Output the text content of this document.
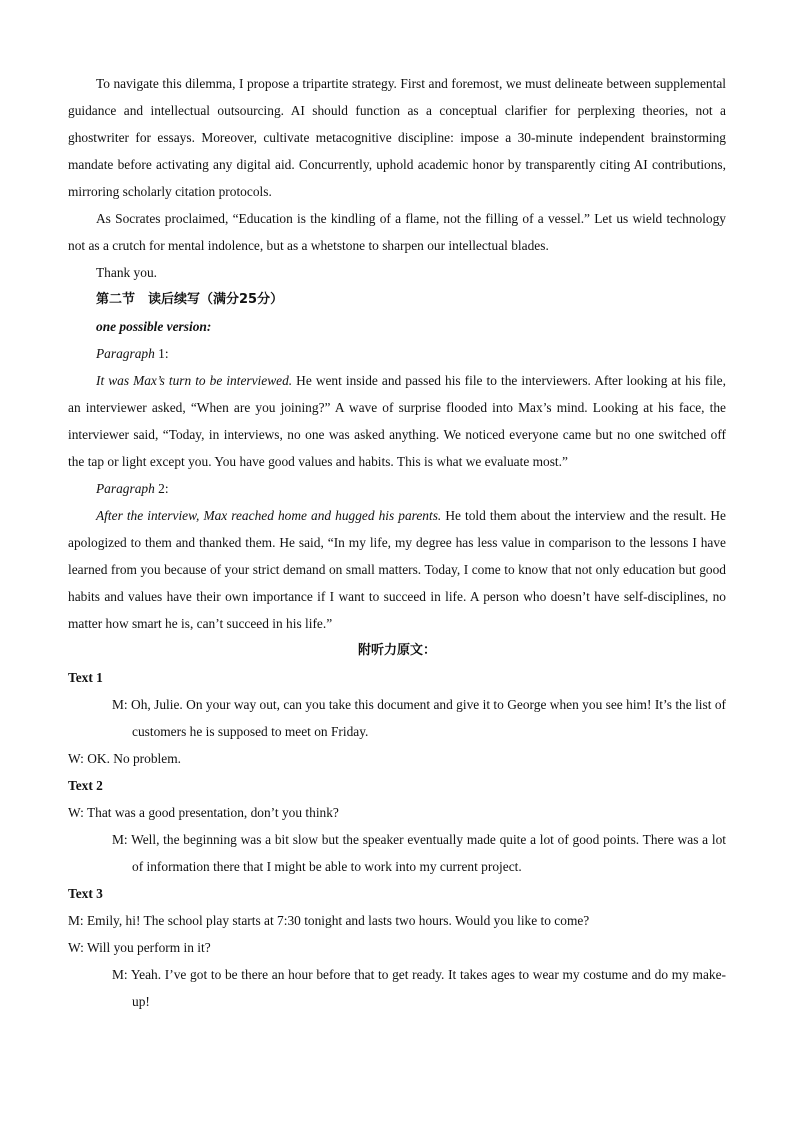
To navigate this dilemma, I propose a tripartite strategy. First and foremost, we must delineate between supplemental guidance and intellectual outsourcing. AI should function as a conceptual clarifier for perplexing theories, not a ghostwriter for essays. Moreover, cultivate metacognitive discipline: impose a 30-minute independent brainstorming mandate before activating any digital aid. Concurrently, uphold academic honor by transparently citing AI contributions, mirroring scholarly citation protocols.

As Socrates proclaimed, “Education is the kindling of a flame, not the filling of a vessel.” Let us wield technology not as a crutch for mental indolence, but as a whetstone to sharpen our intellectual blades.

Thank you.

第二节　读后续写（满分25分）

one possible version:

Paragraph 1:

It was Max’s turn to be interviewed. He went inside and passed his file to the interviewers. After looking at his file, an interviewer asked, “When are you joining?” A wave of surprise flooded into Max’s mind. Looking at his face, the interviewer said, “Today, in interviews, no one was asked anything. We noticed everyone came but no one switched off the tap or light except you. You have good values and habits. This is what we evaluate most.”

Paragraph 2:

After the interview, Max reached home and hugged his parents. He told them about the interview and the result. He apologized to them and thanked them. He said, “In my life, my degree has less value in comparison to the lessons I have learned from you because of your strict demand on small matters. Today, I come to know that not only education but good habits and values have their own importance if I want to succeed in life. A person who doesn’t have self-disciplines, no matter how smart he is, can’t succeed in his life.”

附听力原文：

Text 1

M: Oh, Julie. On your way out, can you take this document and give it to George when you see him! It’s the list of customers he is supposed to meet on Friday.

W: OK. No problem.

Text 2

W: That was a good presentation, don’t you think?

M: Well, the beginning was a bit slow but the speaker eventually made quite a lot of good points. There was a lot of information there that I might be able to work into my current project.

Text 3

M: Emily, hi! The school play starts at 7:30 tonight and lasts two hours. Would you like to come?

W: Will you perform in it?

M: Yeah. I’ve got to be there an hour before that to get ready. It takes ages to wear my costume and do my make-up!
